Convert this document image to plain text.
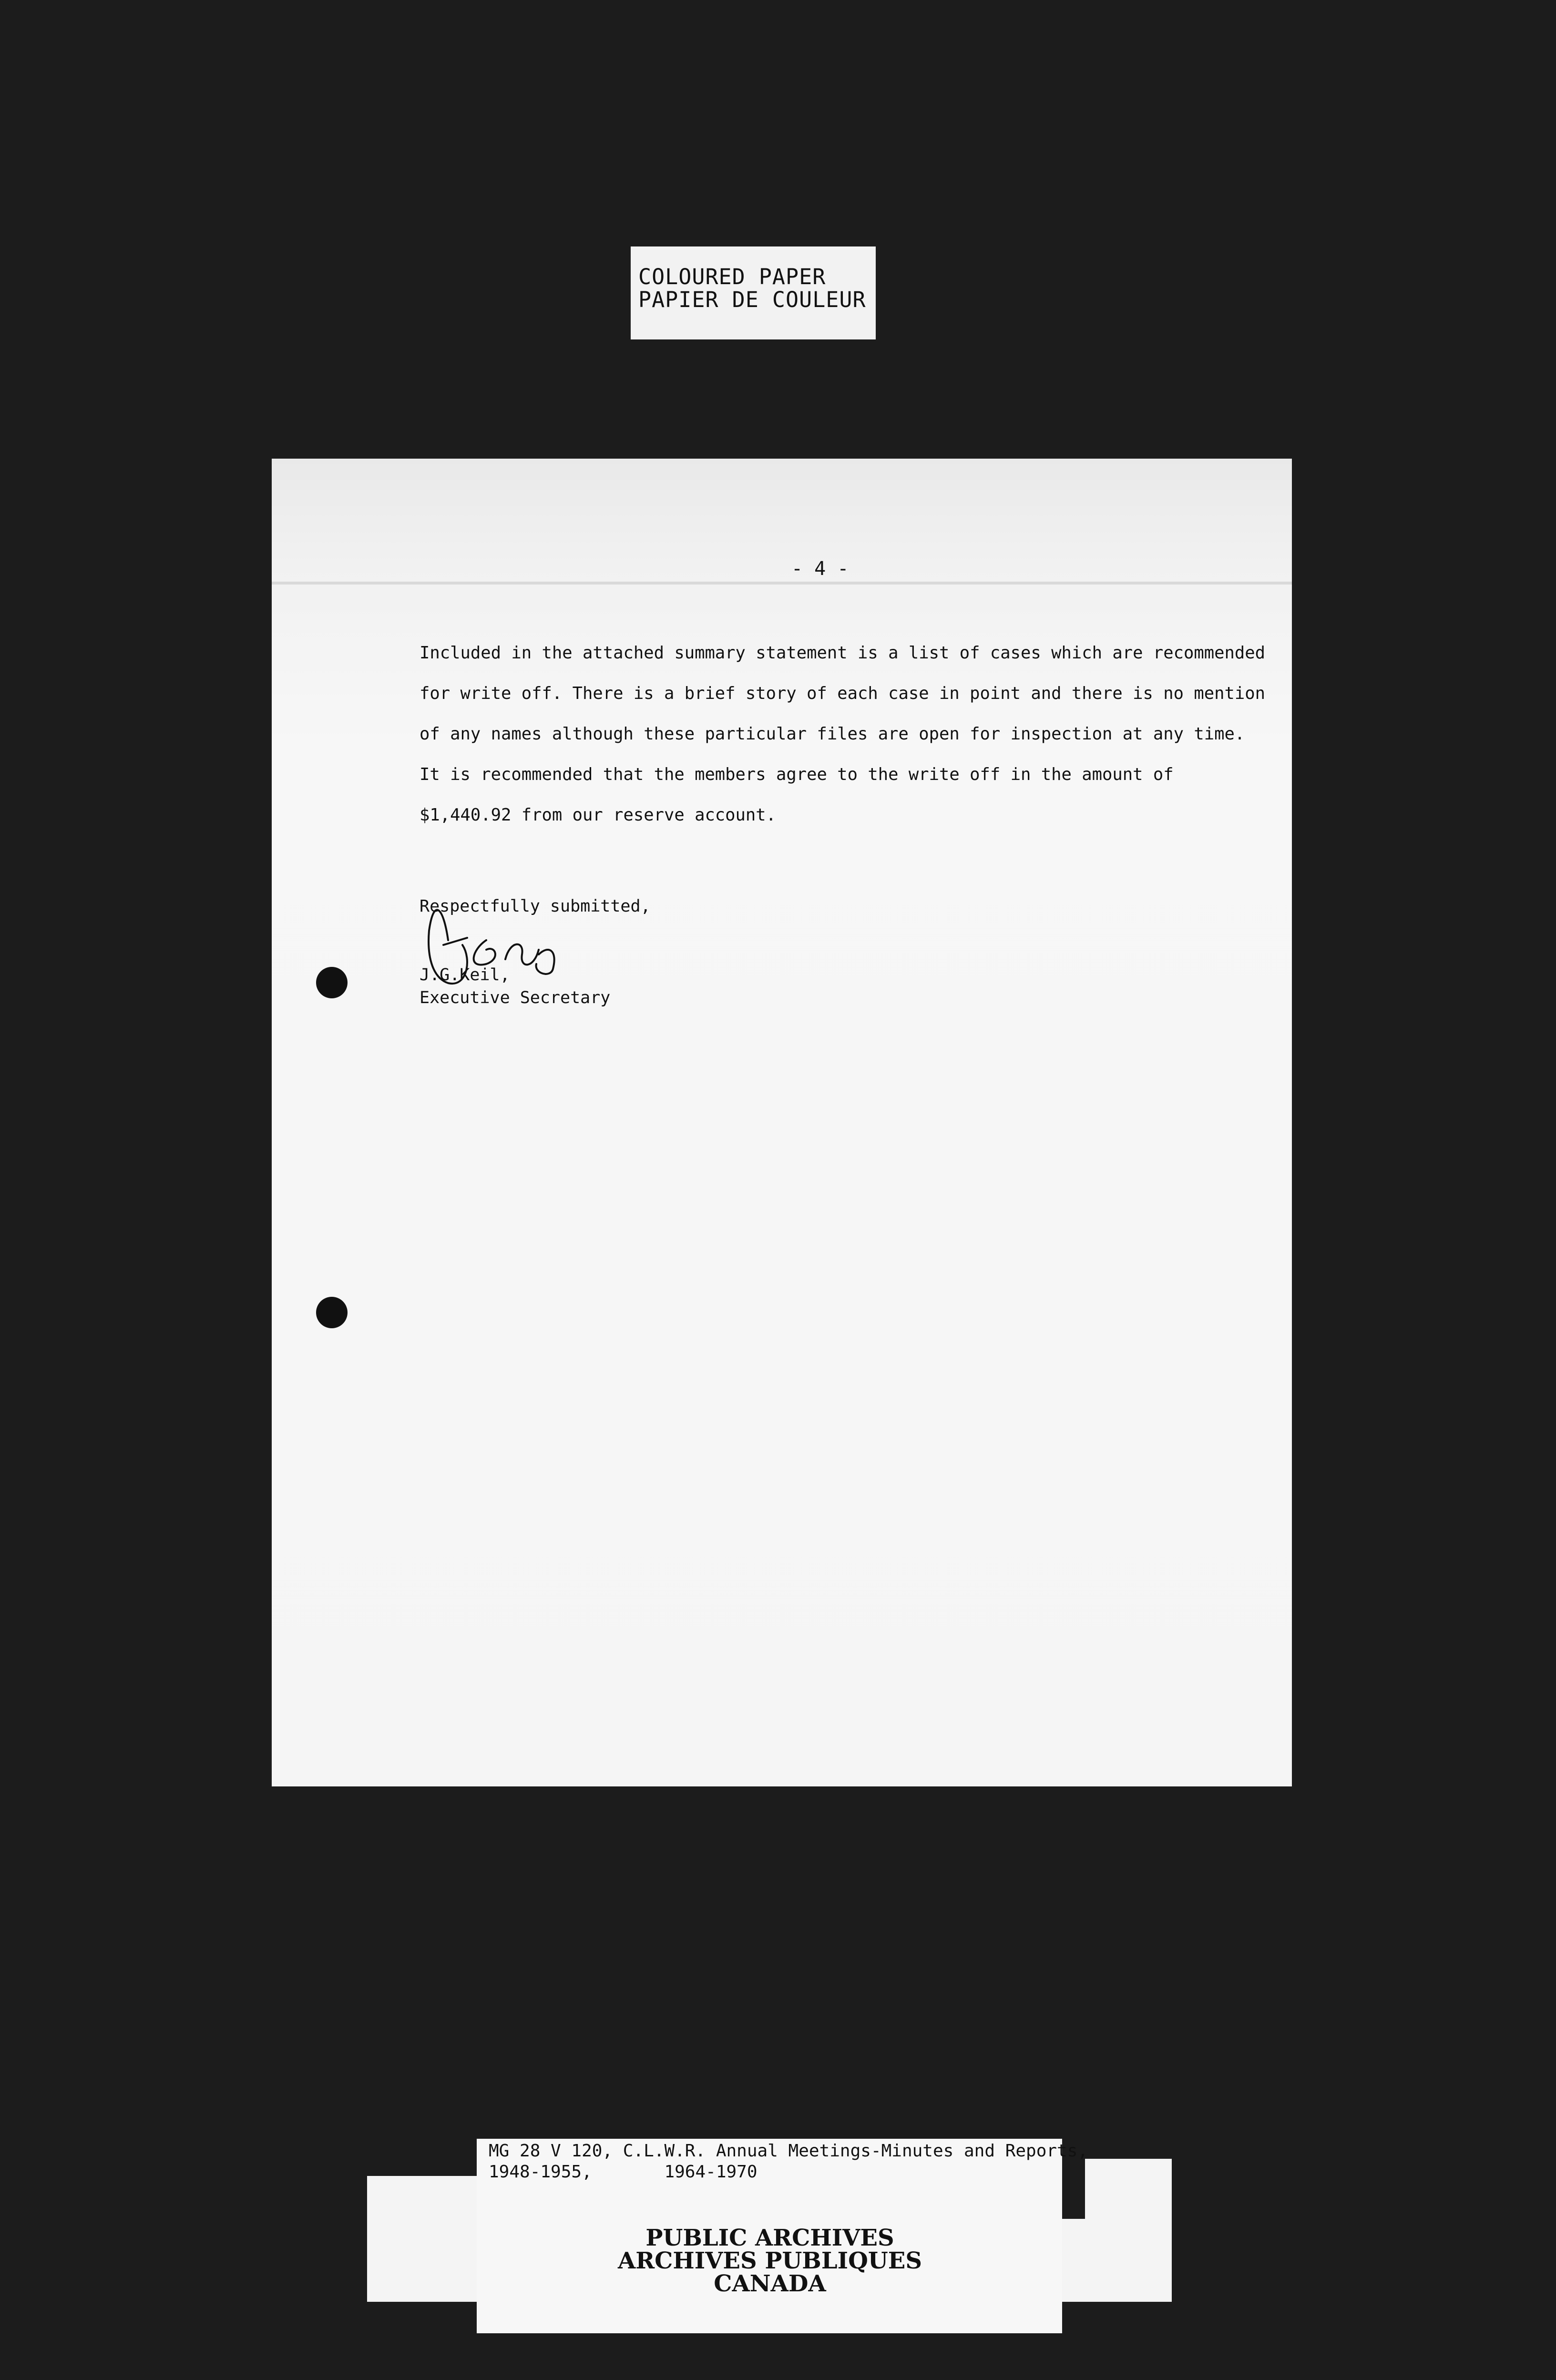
COLOURED PAPER
PAPIER DE COULEUR
- 4 -
Included in the attached summary statement is a list of cases which are recommended
for write off. There is a brief story of each case in point and there is no mention
of any names although these particular files are open for inspection at any time.
It is recommended that the members agree to the write off in the amount of
$1,440.92 from our reserve account.
Respectfully submitted,
J.G.Keil,
Executive Secretary
MG 28 V 120, C.L.W.R. Annual Meetings-Minutes and Reports,
1948-1955,       1964-1970
PUBLIC ARCHIVES
ARCHIVES PUBLIQUES
CANADA
